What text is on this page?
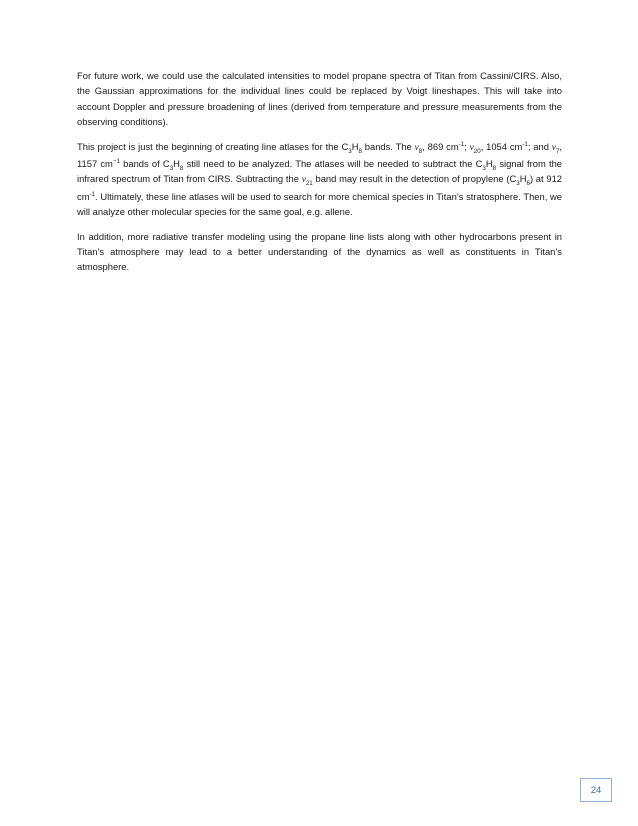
For future work, we could use the calculated intensities to model propane spectra of Titan from Cassini/CIRS. Also, the Gaussian approximations for the individual lines could be replaced by Voigt lineshapes. This will take into account Doppler and pressure broadening of lines (derived from temperature and pressure measurements from the observing conditions).

This project is just the beginning of creating line atlases for the $C_3H_8$ bands. The $\nu_8$, 869 $cm^{-1}$; $\nu_{20}$, 1054 $cm^{-1}$; and $\nu_7$, 1157 $cm^{-1}$ bands of $C_3H_8$ still need to be analyzed. The atlases will be needed to subtract the $C_3H_8$ signal from the infrared spectrum of Titan from CIRS. Subtracting the $\nu_{21}$ band may result in the detection of propylene $(C_3H_6)$ at 912 $cm^{-1}$. Ultimately, these line atlases will be used to search for more chemical species in Titan’s stratosphere. Then, we will analyze other molecular species for the same goal, e.g. allene.

In addition, more radiative transfer modeling using the propane line lists along with other hydrocarbons present in Titan’s atmosphere may lead to a better understanding of the dynamics as well as constituents in Titan’s atmosphere.

24
